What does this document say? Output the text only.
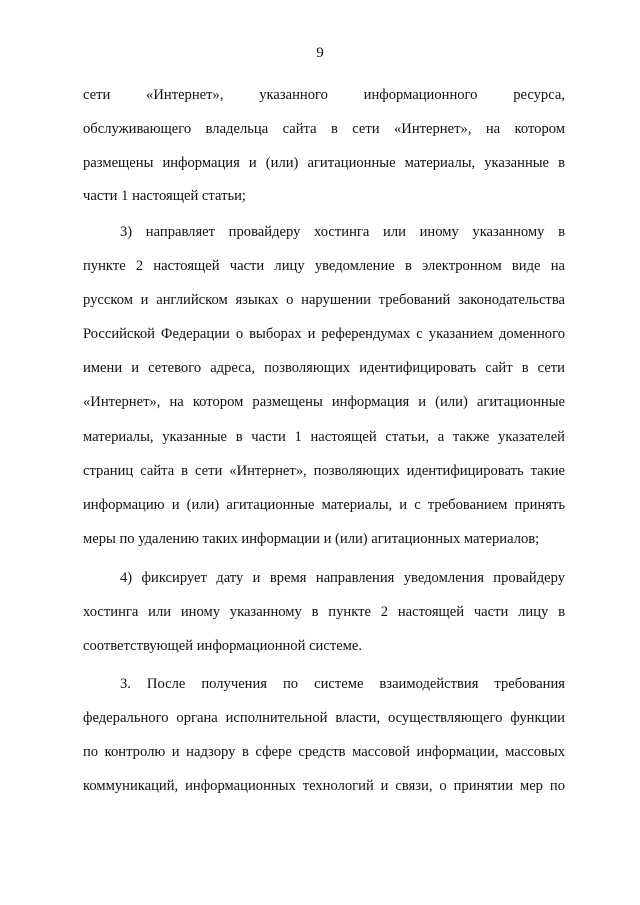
9
сети «Интернет», указанного информационного ресурса,
обслуживающего владельца сайта в сети «Интернет», на котором
размещены информация и (или) агитационные материалы, указанные в
части 1 настоящей статьи;
3) направляет провайдеру хостинга или иному указанному в
пункте 2 настоящей части лицу уведомление в электронном виде на
русском и английском языках о нарушении требований законодательства
Российской Федерации о выборах и референдумах с указанием доменного
имени и сетевого адреса, позволяющих идентифицировать сайт в сети
«Интернет», на котором размещены информация и (или) агитационные
материалы, указанные в части 1 настоящей статьи, а также указателей
страниц сайта в сети «Интернет», позволяющих идентифицировать такие
информацию и (или) агитационные материалы, и с требованием принять
меры по удалению таких информации и (или) агитационных материалов;
4) фиксирует дату и время направления уведомления провайдеру
хостинга или иному указанному в пункте 2 настоящей части лицу в
соответствующей информационной системе.
3. После получения по системе взаимодействия требования
федерального органа исполнительной власти, осуществляющего функции
по контролю и надзору в сфере средств массовой информации, массовых
коммуникаций, информационных технологий и связи, о принятии мер по
